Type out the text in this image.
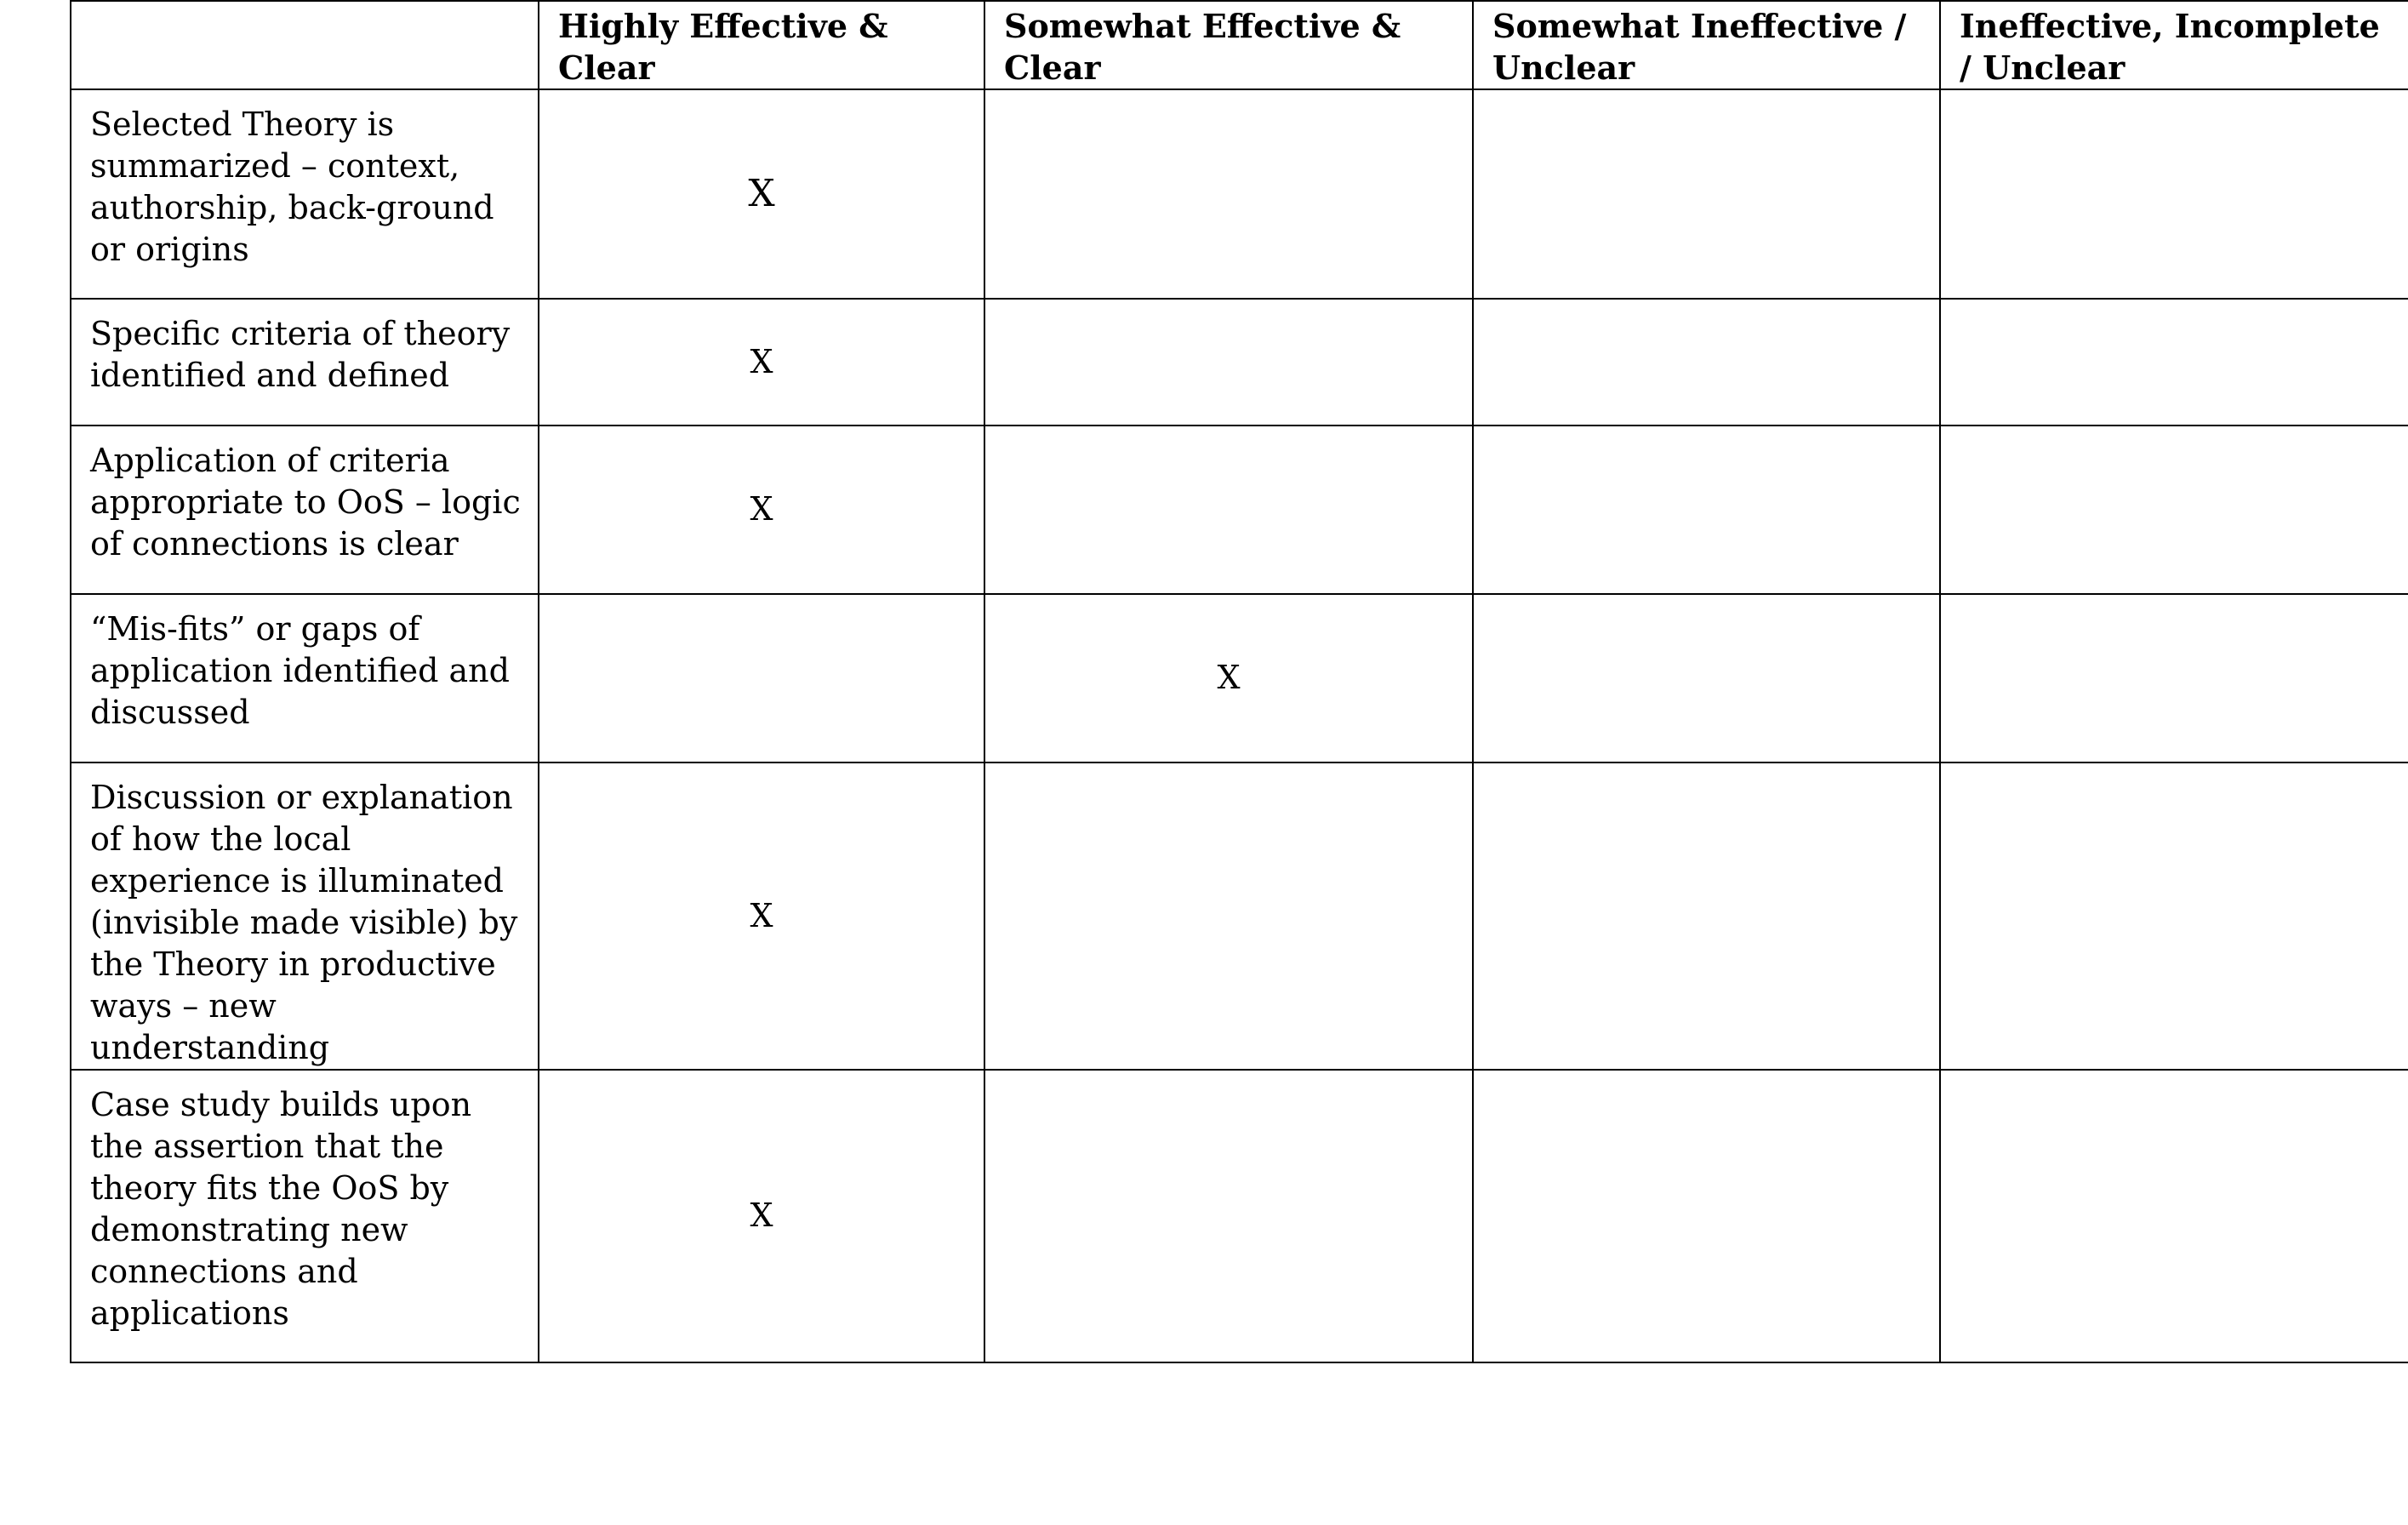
	Highly Effective & Clear	Somewhat Effective & Clear	Somewhat Ineffective / Unclear	Ineffective, Incomplete / Unclear
Selected Theory is summarized – context, authorship, back-ground or origins	X			
Specific criteria of theory identified and defined	X			
Application of criteria appropriate to OoS – logic of connections is clear	X			
“Mis-fits” or gaps of application identified and discussed		X		
Discussion or explanation of how the local experience is illuminated (invisible made visible) by the Theory in productive ways – new understanding	X			
Case study builds upon the assertion that the theory fits the OoS by demonstrating new connections and applications	X			
